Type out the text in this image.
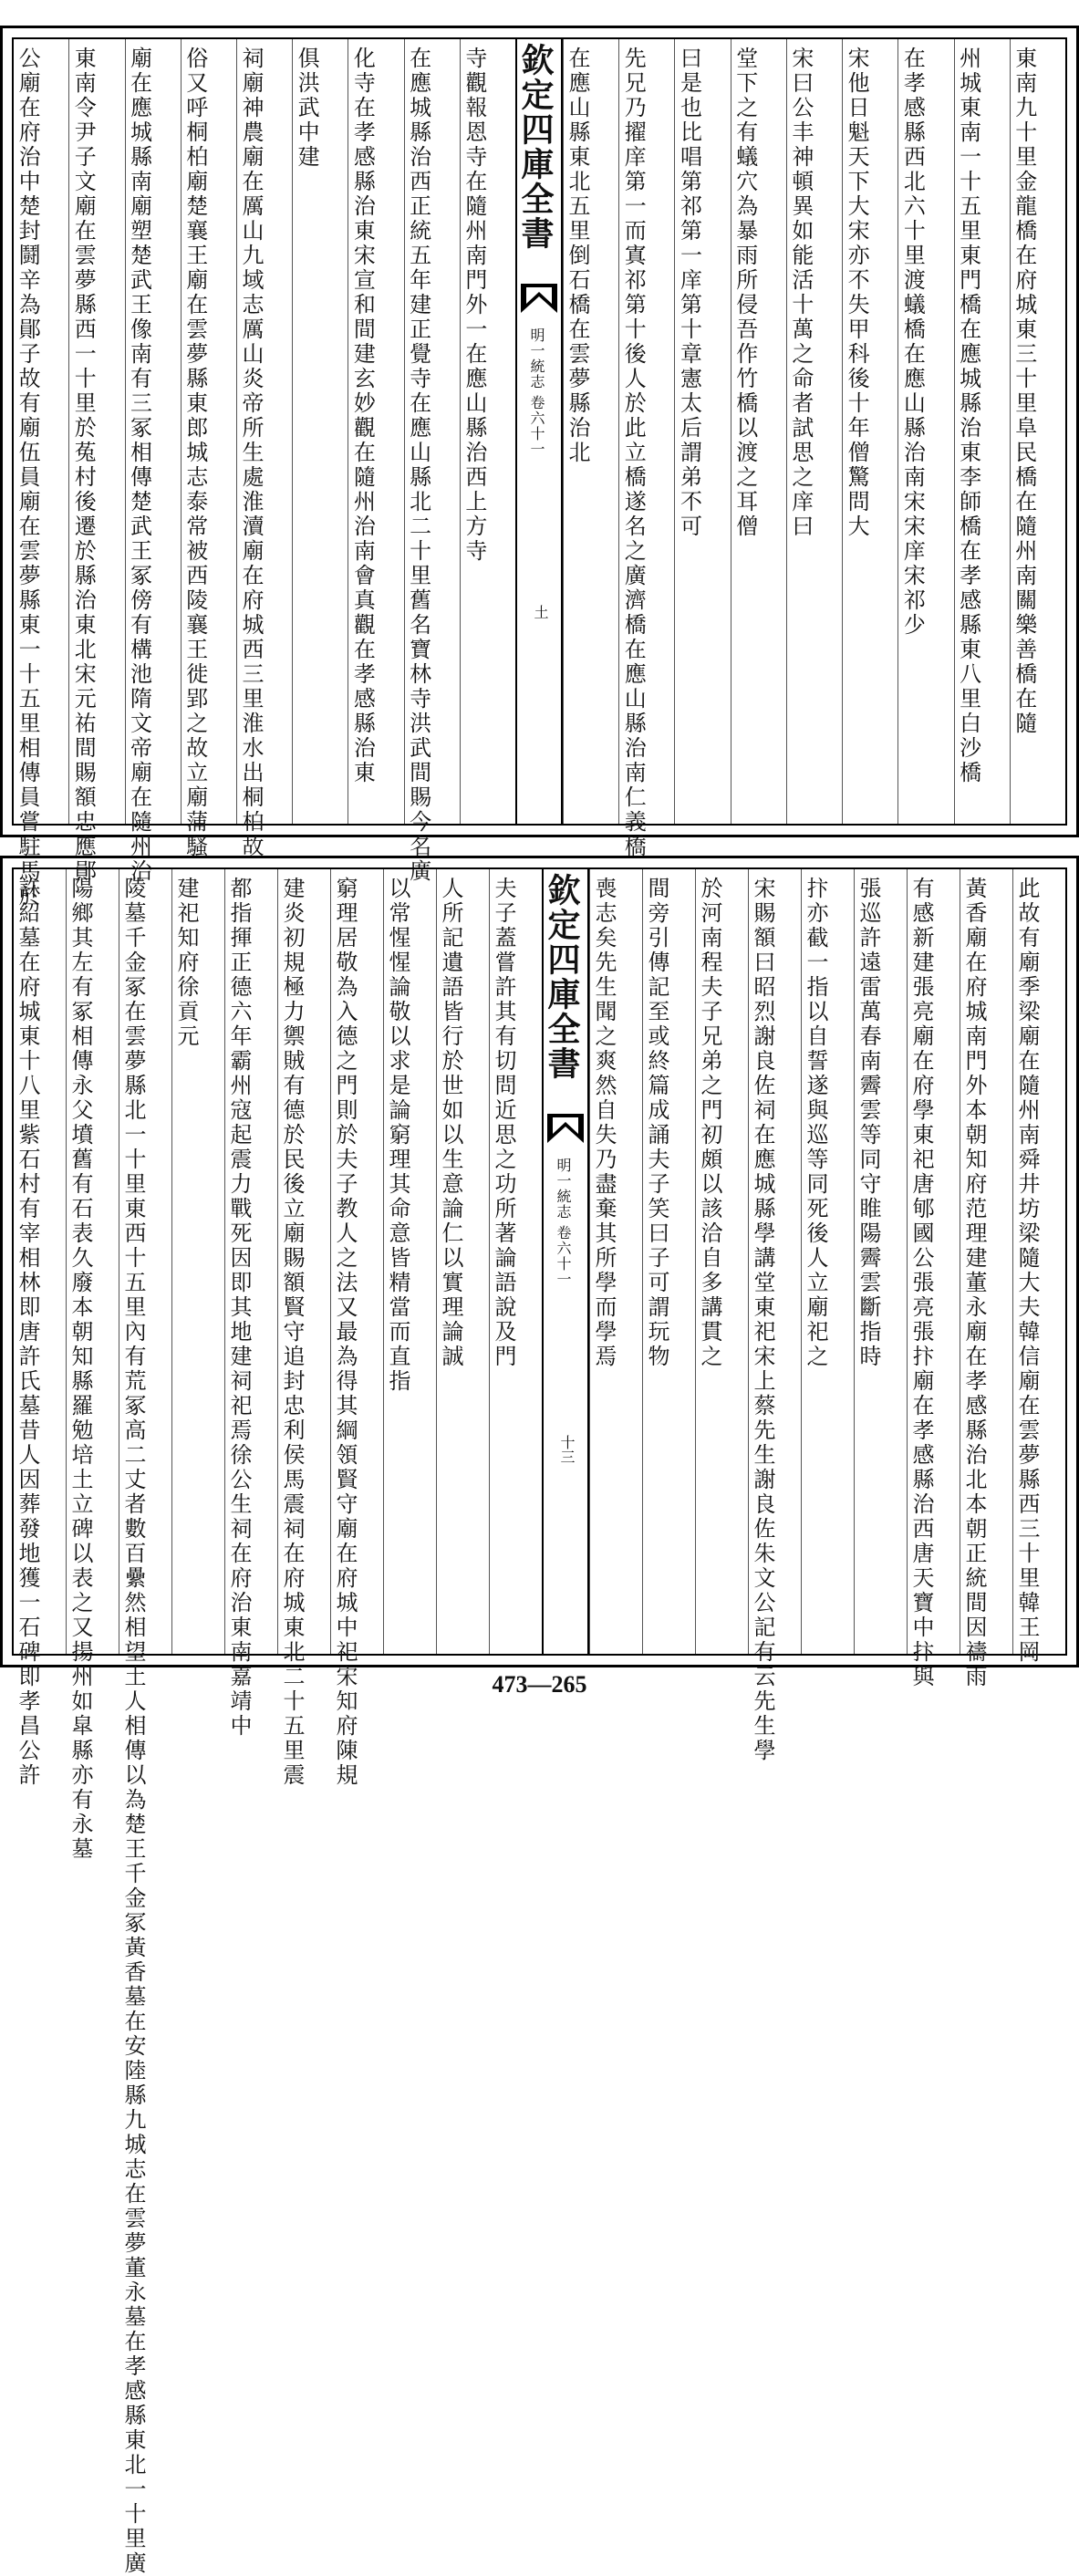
東南九十里金龍橋在府城東三十里阜民橋在隨州南關樂善橋在隨
州城東南一十五里東門橋在應城縣治東李師橋在孝感縣東八里白沙橋
在孝感縣西北六十里渡蟻橋在應山縣治南宋宋庠宋祁少
宋他日魁天下大宋亦不失甲科後十年僧驚問大
宋曰公丰神頓異如能活十萬之命者試思之庠曰
堂下之有蟻穴為暴雨所侵吾作竹橋以渡之耳僧
曰是也比唱第祁第一庠第十章憲太后謂弟不可
先兄乃擢庠第一而寘祁第十後人於此立橋遂名之廣濟橋在應山縣治南仁義橋
在應山縣東北五里倒石橋在雲夢縣治北
欽定四庫全書
明一統志 卷六十一
土
寺觀報恩寺在隨州南門外一在應山縣治西上方寺
在應城縣治西正統五年建正覺寺在應山縣北二十里舊名寶林寺洪武間賜今名廣
化寺在孝感縣治東宋宣和間建玄妙觀在隨州治南會真觀在孝感縣治東
俱洪武中建
祠廟神農廟在厲山九域志厲山炎帝所生處淮瀆廟在府城西三里淮水出桐柏故
俗又呼桐柏廟楚襄王廟在雲夢縣東郎城志泰常被西陵襄王徙郢之故立廟蒲騷
廟在應城縣南廟塑楚武王像南有三冢相傳楚武王冢傍有構池隋文帝廟在隨州治
東南令尹子文廟在雲夢縣西一十里於菟村後遷於縣治東北宋元祐間賜額忠應鄖
公廟在府治中楚封鬪辛為鄖子故有廟伍員廟在雲夢縣東一十五里相傳員嘗駐馬於
此故有廟季梁廟在隨州南舜井坊梁隨大夫韓信廟在雲夢縣西三十里韓王岡
黃香廟在府城南門外本朝知府范理建董永廟在孝感縣治北本朝正統間因禱雨
有感新建張亮廟在府學東祀唐郇國公張亮張抃廟在孝感縣治西唐天寶中抃與
張巡許遠雷萬春南霽雲等同守睢陽霽雲斷指時
抃亦截一指以自誓遂與巡等同死後人立廟祀之
宋賜額曰昭烈謝良佐祠在應城縣學講堂東祀宋上蔡先生謝良佐朱文公記有云先生學
於河南程夫子兄弟之門初頗以該洽自多講貫之
間旁引傳記至或終篇成誦夫子笑曰子可謂玩物
喪志矣先生聞之爽然自失乃盡棄其所學而學焉
欽定四庫全書
明一統志 卷六十一
十三
夫子蓋嘗許其有切問近思之功所著論語說及門
人所記遺語皆行於世如以生意論仁以實理論誠
以常惺惺論敬以求是論窮理其命意皆精當而直指
窮理居敬為入德之門則於夫子教人之法又最為得其綱領賢守廟在府城中祀宋知府陳規
建炎初規極力禦賊有德於民後立廟賜額賢守追封忠利侯馬震祠在府城東北二十五里震
都指揮正德六年霸州寇起震力戰死因即其地建祠祀焉徐公生祠在府治東南嘉靖中
建祀知府徐貢元
陵墓千金冢在雲夢縣北一十里東西十五里內有荒冢高二丈者數百纍然相望土人相傳以為楚王千金冢黃香墓在安陸縣九城志在雲夢董永墓在孝感縣東北一十里廣
陽鄉其左有冢相傳永父墳舊有石表久廢本朝知縣羅勉培土立碑以表之又揚州如皐縣亦有永墓
許紹墓在府城東十八里紫石村有宰相林即唐許氏墓昔人因葬發地獲一石碑即孝昌公許	473—265
